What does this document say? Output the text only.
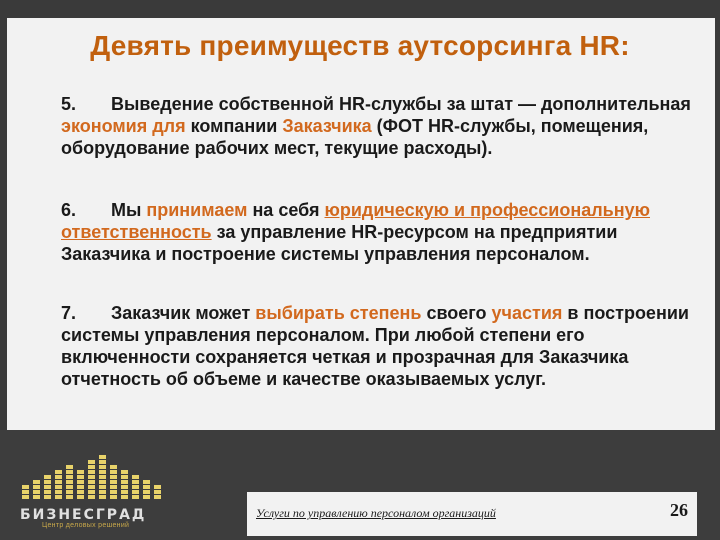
Девять преимуществ аутсорсинга HR:
5. Выведение собственной HR-службы за штат — дополнительная экономия для компании Заказчика (ФОТ HR-службы, помещения, оборудование рабочих мест, текущие расходы).
6. Мы принимаем на себя юридическую и профессиональную ответственность за управление HR-ресурсом на предприятии Заказчика и построение системы управления персоналом.
7. Заказчик может выбирать степень своего участия в построении системы управления персоналом. При любой степени его включенности сохраняется четкая и прозрачная для Заказчика отчетность об объеме и качестве оказываемых услуг.
БИЗНЕСГРАД
Центр деловых решений
Услуги по управлению персоналом организаций	26
